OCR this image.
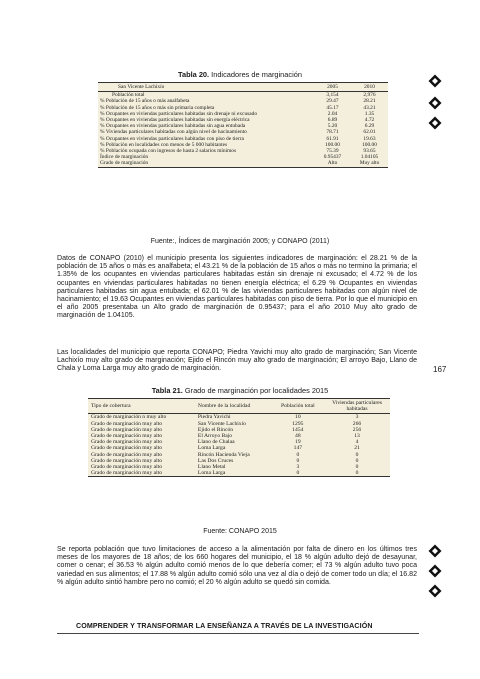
Tabla 20. Indicadores de marginación
San Vicente Lachixío	2005	2010
Población total	3,154	2,976
% Población de 15 años o más analfabeta	29.47	28.21
% Población de 15 años o más sin primaria completa	45.17	43.21
% Ocupantes en viviendas particulares habitadas sin drenaje ni excusado	2.04	1.35
% Ocupantes en viviendas particulares habitadas sin energía eléctrica	6.89	4.72
% Ocupantes en viviendas particulares habitadas sin agua entubada	5.20	6.29
% Viviendas particulares habitadas con algún nivel de hacinamiento	78.71	62.01
% Ocupantes en viviendas particulares habitadas con piso de tierra	61.91	19.63
% Población en localidades con menos de 5 000 habitantes	100.00	100.00
% Población ocupada con ingresos de hasta 2 salarios mínimos	75.39	93.65
Índice de marginación	0.95437	1.04105
Grado de marginación	Alto	Muy alto
Fuente:, Índices de marginación 2005; y CONAPO (2011)

Datos de CONAPO (2010) el municipio presenta los siguientes indicadores de marginación: el 28.21 % de la población de 15 años o más es analfabeta; el 43.21 % de la población de 15 años o más no termino la primaria; el 1.35% de los ocupantes en viviendas particulares habitadas están sin drenaje ni excusado; el 4.72 % de los ocupantes en viviendas particulares habitadas no tienen energía eléctrica; el 6.29 % Ocupantes en viviendas particulares habitadas sin agua entubada; el 62.01 % de las viviendas particulares habitadas con algún nivel de hacinamiento; el 19.63 Ocupantes en viviendas particulares habitadas con piso de tierra. Por lo que el municipio en el año 2005 presentaba un Alto grado de marginación de 0.95437; para el año 2010 Muy alto grado de marginación de 1.04105.

Las localidades del municipio que reporta CONAPO; Piedra Yavichi muy alto grado de marginación; San Vicente Lachixío muy alto grado de marginación; Ejido el Rincón muy alto grado de marginación; El arroyo Bajo, Llano de Chala y Loma Larga muy alto grado de marginación.	167
Tabla 21. Grado de marginación por localidades 2015
Tipo de cobertura	Nombre de la localidad	Población total	Viviendas particulares habitadas
Grado de marginación n muy alto	Piedra Yavichi	10	3
Grado de marginación muy alto	San Vicente Lachixío	1295	266
Grado de marginación muy alto	Ejido el Rincón	1454	256
Grado de marginación muy alto	El Arroyo Bajo	48	13
Grado de marginación muy alto	Llano de Chalaa	19	4
Grado de marginación muy alto	Loma Larga	147	21
Grado de marginación muy alto	Rincón Hacienda Vieja	0	0
Grado de marginación muy alto	Las Dos Cruces	0	0
Grado de marginación muy alto	Llano Metal	3	0
Grado de marginación muy alto	Loma Larga	0	0
Fuente: CONAPO 2015

Se reporta población que tuvo limitaciones de acceso a la alimentación por falta de dinero en los últimos tres meses de los mayores de 18 años; de los 660 hogares del municipio, el 18 % algún adulto dejó de desayunar, comer o cenar; el 36.53 % algún adulto comió menos de lo que debería comer; el 73 % algún adulto tuvo poca variedad en sus alimentos; el 17.88 % algún adulto comió sólo una vez al día o dejó de comer todo un día; el 16.82 % algún adulto sintió hambre pero no comió; el 20 % algún adulto se quedó sin comida.

COMPRENDER Y TRANSFORMAR LA ENSEÑANZA A TRAVÉS DE LA INVESTIGACIÓN
